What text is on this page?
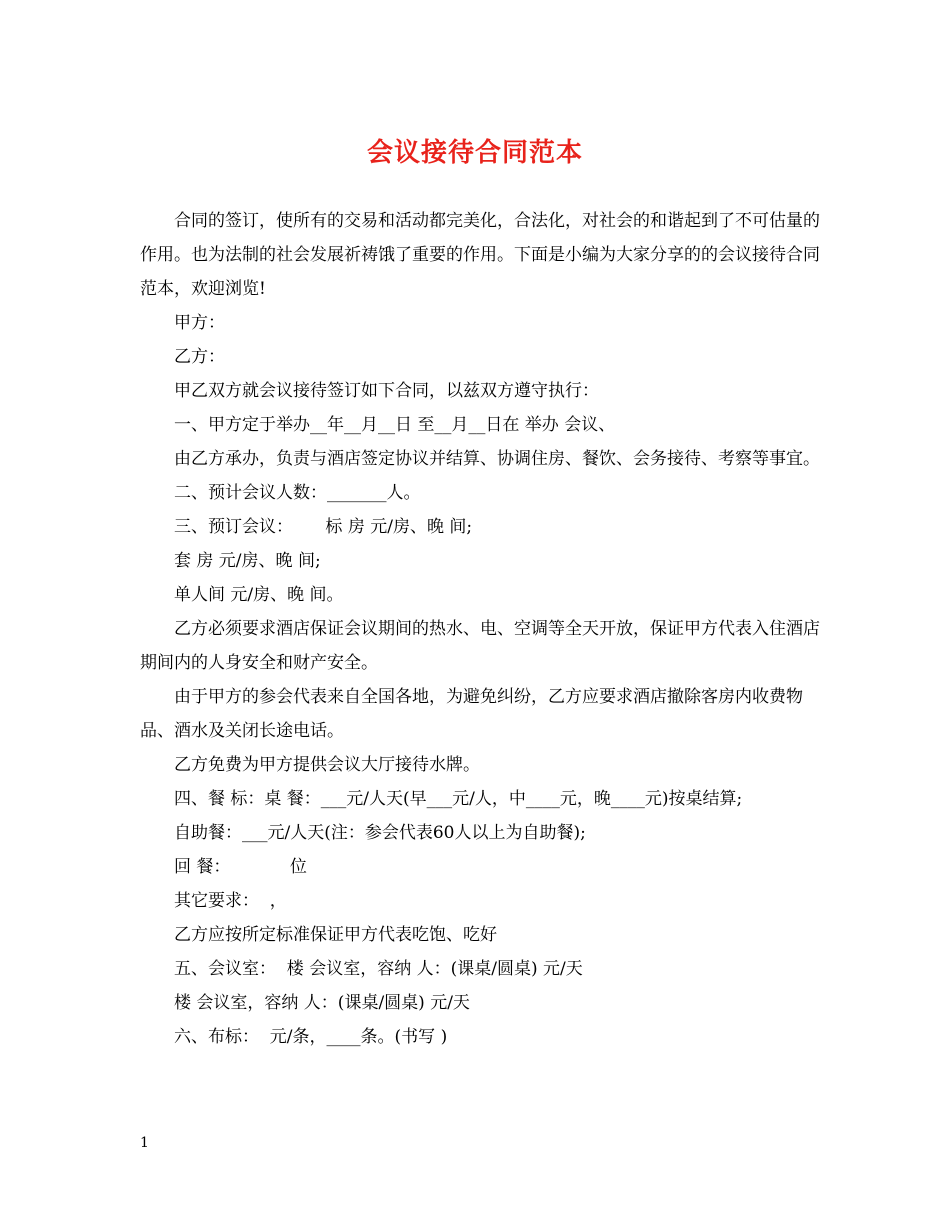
会议接待合同范本

合同的签订，使所有的交易和活动都完美化，合法化，对社会的和谐起到了不可估量的作用。也为法制的社会发展祈祷饿了重要的作用。下面是小编为大家分享的的会议接待合同范本，欢迎浏览!

甲方：

乙方：

甲乙双方就会议接待签订如下合同，以兹双方遵守执行：

一、甲方定于举办__年__月__日 至__月__日在 举办 会议、

由乙方承办，负责与酒店签定协议并结算、协调住房、餐饮、会务接待、考察等事宜。

二、预计会议人数：_______人。

三、预订会议：      标 房 元/房、晚 间;

套 房 元/房、晚 间;

单人间 元/房、晚 间。

乙方必须要求酒店保证会议期间的热水、电、空调等全天开放，保证甲方代表入住酒店期间内的人身安全和财产安全。

由于甲方的参会代表来自全国各地，为避免纠纷，乙方应要求酒店撤除客房内收费物品、酒水及关闭长途电话。

乙方免费为甲方提供会议大厅接待水牌。

四、餐 标：桌 餐：___元/人天(早___元/人，中____元，晚____元)按桌结算;

自助餐：___元/人天(注：参会代表60人以上为自助餐);

回 餐：           位

其它要求：  ，

乙方应按所定标准保证甲方代表吃饱、吃好

五、会议室：  楼 会议室，容纳 人：(课桌/圆桌) 元/天

楼 会议室，容纳 人：(课桌/圆桌) 元/天

六、布标：  元/条，____条。(书写 )

1
